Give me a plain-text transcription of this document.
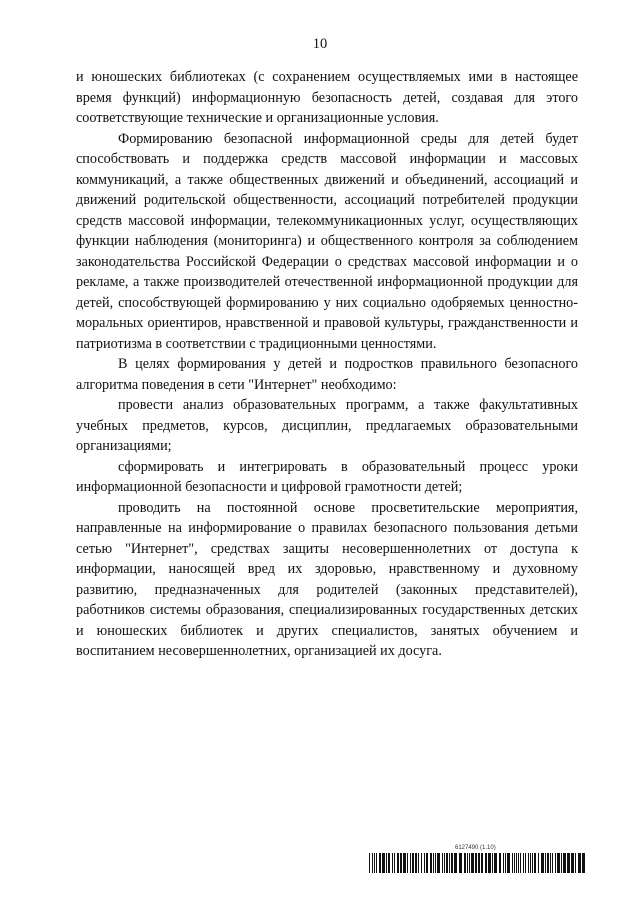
10

и юношеских библиотеках (с сохранением осуществляемых ими в настоящее время функций) информационную безопасность детей, создавая для этого соответствующие технические и организационные условия.

Формированию безопасной информационной среды для детей будет способствовать и поддержка средств массовой информации и массовых коммуникаций, а также общественных движений и объединений, ассоциаций и движений родительской общественности, ассоциаций потребителей продукции средств массовой информации, телекоммуникационных услуг, осуществляющих функции наблюдения (мониторинга) и общественного контроля за соблюдением законодательства Российской Федерации о средствах массовой информации и о рекламе, а также производителей отечественной информационной продукции для детей, способствующей формированию у них социально одобряемых ценностно-моральных ориентиров, нравственной и правовой культуры, гражданственности и патриотизма в соответствии с традиционными ценностями.

В целях формирования у детей и подростков правильного безопасного алгоритма поведения в сети "Интернет" необходимо:

провести анализ образовательных программ, а также факультативных учебных предметов, курсов, дисциплин, предлагаемых образовательными организациями;

сформировать и интегрировать в образовательный процесс уроки информационной безопасности и цифровой грамотности детей;

проводить на постоянной основе просветительские мероприятия, направленные на информирование о правилах безопасного пользования детьми сетью "Интернет", средствах защиты несовершеннолетних от доступа к информации, наносящей вред их здоровью, нравственному и духовному развитию, предназначенных для родителей (законных представителей), работников системы образования, специализированных государственных детских и юношеских библиотек и других специалистов, занятых обучением и воспитанием несовершеннолетних, организацией их досуга.

6127490 (1.10)
